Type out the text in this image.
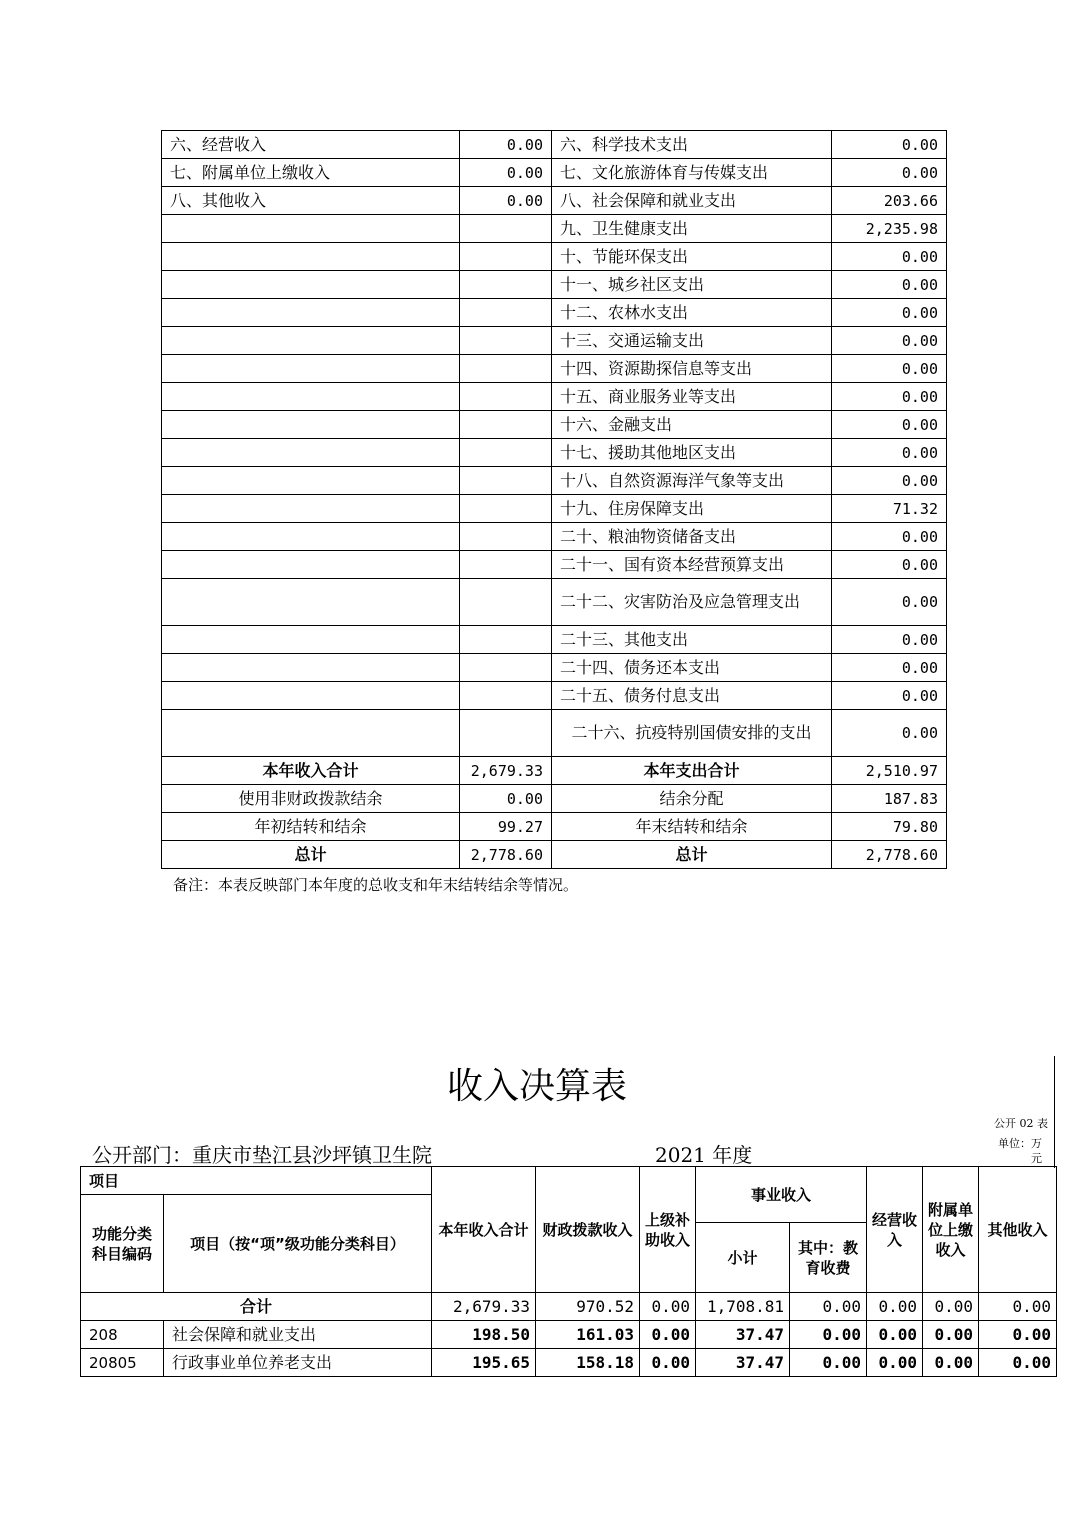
六、经营收入	0.00	六、科学技术支出	0.00
七、附属单位上缴收入	0.00	七、文化旅游体育与传媒支出	0.00
八、其他收入	0.00	八、社会保障和就业支出	203.66
		九、卫生健康支出	2,235.98
		十、节能环保支出	0.00
		十一、城乡社区支出	0.00
		十二、农林水支出	0.00
		十三、交通运输支出	0.00
		十四、资源勘探信息等支出	0.00
		十五、商业服务业等支出	0.00
		十六、金融支出	0.00
		十七、援助其他地区支出	0.00
		十八、自然资源海洋气象等支出	0.00
		十九、住房保障支出	71.32
		二十、粮油物资储备支出	0.00
		二十一、国有资本经营预算支出	0.00
		二十二、灾害防治及应急管理支出	0.00
		二十三、其他支出	0.00
		二十四、债务还本支出	0.00
		二十五、债务付息支出	0.00
		二十六、抗疫特别国债安排的支出	0.00
本年收入合计	2,679.33	本年支出合计	2,510.97
使用非财政拨款结余	0.00	结余分配	187.83
年初结转和结余	99.27	年末结转和结余	79.80
总计	2,778.60	总计	2,778.60
备注：本表反映部门本年度的总收支和年末结转结余等情况。
收入决算表
公开 02 表
单位：万元
公开部门：重庆市垫江县沙坪镇卫生院	2021 年度
项目		本年收入合计	财政拨款收入	上级补助收入	事业收入		经营收入	附属单位上缴收入	其他收入
功能分类科目编码	项目（按“项”级功能分类科目）								
					小计	其中：教育收费			
合计		2,679.33	970.52	0.00	1,708.81	0.00	0.00	0.00	0.00
208	社会保障和就业支出	198.50	161.03	0.00	37.47	0.00	0.00	0.00	0.00
20805	行政事业单位养老支出	195.65	158.18	0.00	37.47	0.00	0.00	0.00	0.00
